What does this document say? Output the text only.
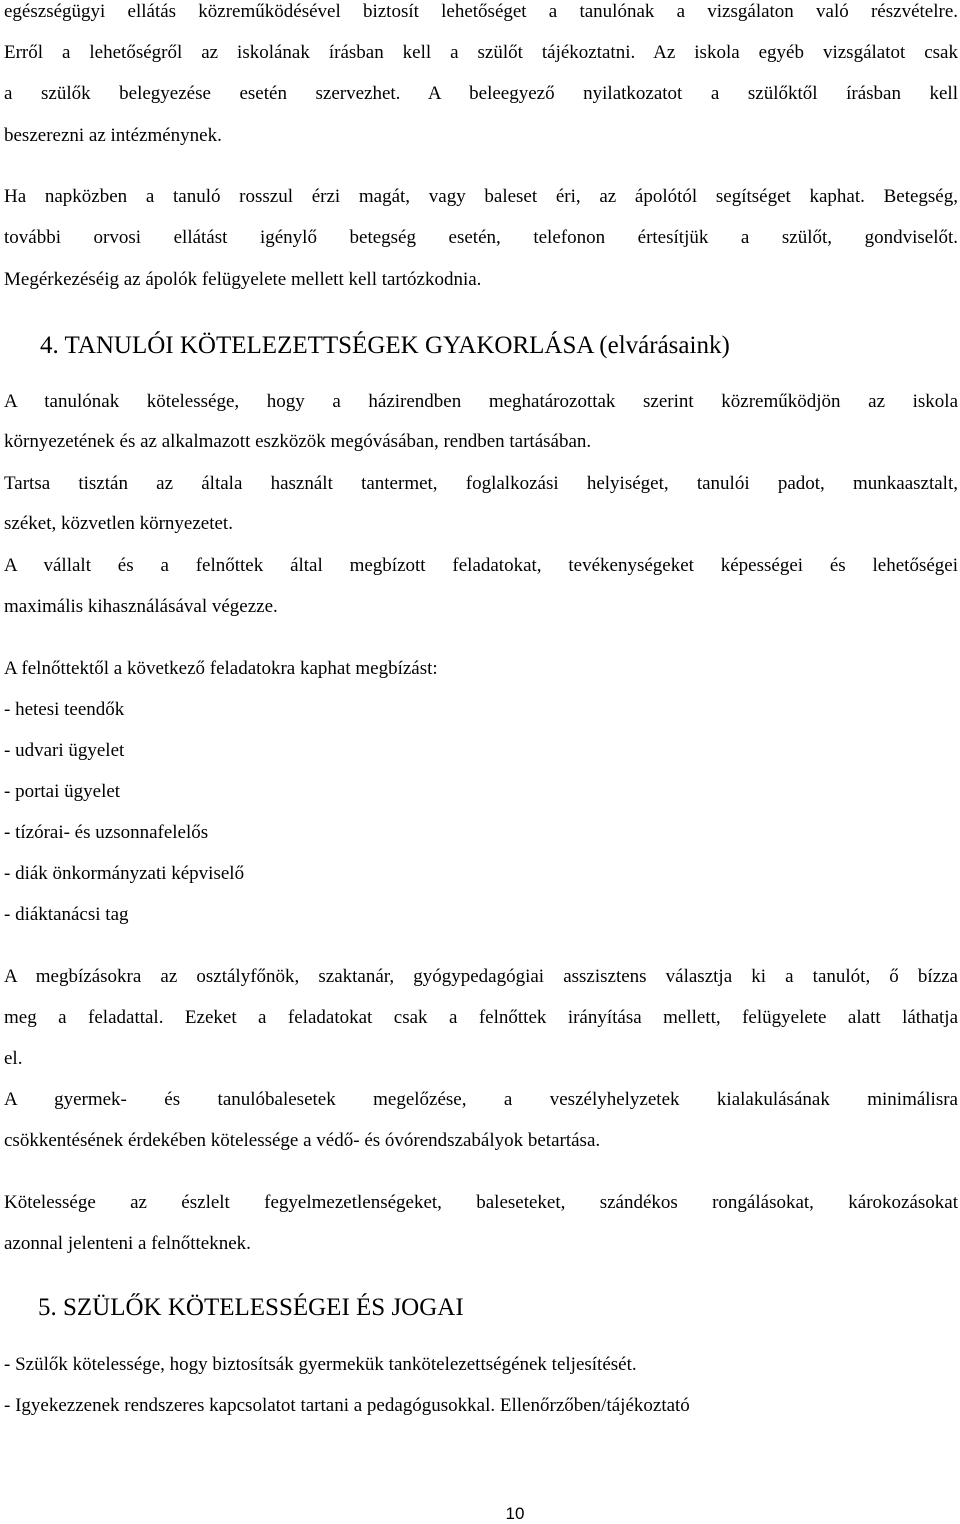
egészségügyi ellátás közreműködésével biztosít lehetőséget a tanulónak a vizsgálaton való részvételre.
Erről a lehetőségről az iskolának írásban kell a szülőt tájékoztatni. Az iskola egyéb vizsgálatot csak
a szülők belegyezése esetén szervezhet. A beleegyező nyilatkozatot a szülőktől írásban kell
beszerezni az intézménynek.
Ha napközben a tanuló rosszul érzi magát, vagy baleset éri, az ápolótól segítséget kaphat. Betegség,
további orvosi ellátást igénylő betegség esetén, telefonon értesítjük a szülőt, gondviselőt.
Megérkezéséig az ápolók felügyelete mellett kell tartózkodnia.
4. TANULÓI KÖTELEZETTSÉGEK GYAKORLÁSA (elvárásaink)
A tanulónak kötelessége, hogy a házirendben meghatározottak szerint közreműködjön az iskola
környezetének és az alkalmazott eszközök megóvásában, rendben tartásában.
Tartsa tisztán az általa használt tantermet, foglalkozási helyiséget, tanulói padot, munkaasztalt,
széket, közvetlen környezetet.
A vállalt és a felnőttek által megbízott feladatokat, tevékenységeket képességei és lehetőségei
maximális kihasználásával végezze.
A felnőttektől a következő feladatokra kaphat megbízást:
- hetesi teendők
- udvari ügyelet
- portai ügyelet
- tízórai- és uzsonnafelelős
- diák önkormányzati képviselő
- diáktanácsi tag
A megbízásokra az osztályfőnök, szaktanár, gyógypedagógiai asszisztens választja ki a tanulót, ő bízza
meg a feladattal. Ezeket a feladatokat csak a felnőttek irányítása mellett, felügyelete alatt láthatja
el.
A gyermek- és tanulóbalesetek megelőzése, a veszélyhelyzetek kialakulásának minimálisra
csökkentésének érdekében kötelessége a védő- és óvórendszabályok betartása.
Kötelessége az észlelt fegyelmezetlenségeket, baleseteket, szándékos rongálásokat, károkozásokat
azonnal jelenteni a felnőtteknek.
5. SZÜLŐK KÖTELESSÉGEI ÉS JOGAI
- Szülők kötelessége, hogy biztosítsák gyermekük tankötelezettségének teljesítését.
- Igyekezzenek rendszeres kapcsolatot tartani a pedagógusokkal. Ellenőrzőben/tájékoztató
10
